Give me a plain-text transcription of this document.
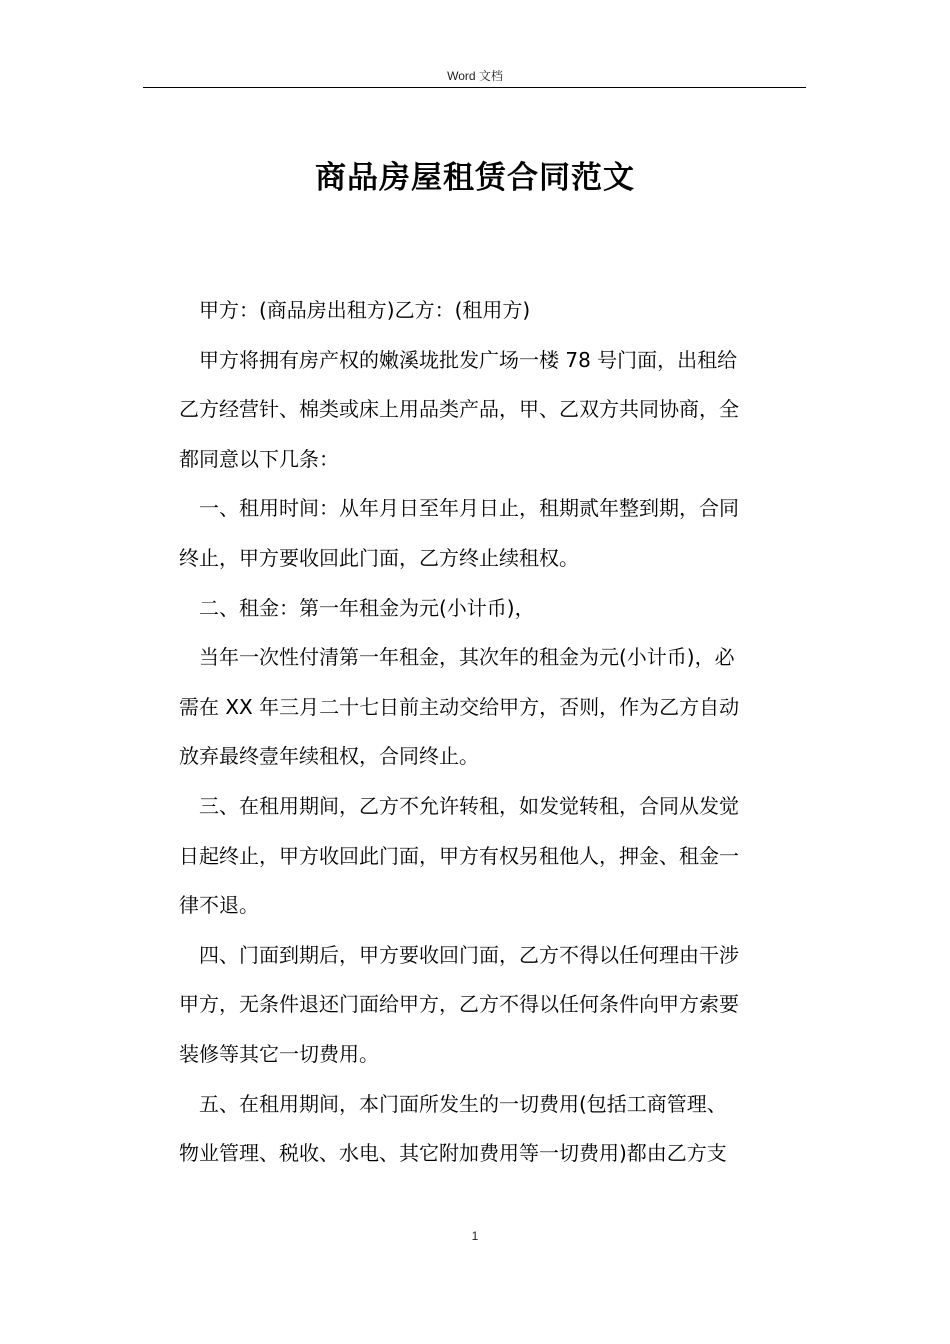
Word 文档
商品房屋租赁合同范文
甲方：(商品房出租方)乙方：(租用方)
甲方将拥有房产权的嫩溪垅批发广场一楼 78 号门面，出租给
乙方经营针、棉类或床上用品类产品，甲、乙双方共同协商，全
都同意以下几条：
一、租用时间：从年月日至年月日止，租期贰年整到期，合同
终止，甲方要收回此门面，乙方终止续租权。
二、租金：第一年租金为元(小计币)，
当年一次性付清第一年租金，其次年的租金为元(小计币)，必
需在 XX 年三月二十七日前主动交给甲方，否则，作为乙方自动
放弃最终壹年续租权，合同终止。
三、在租用期间，乙方不允许转租，如发觉转租，合同从发觉
日起终止，甲方收回此门面，甲方有权另租他人，押金、租金一
律不退。
四、门面到期后，甲方要收回门面，乙方不得以任何理由干涉
甲方，无条件退还门面给甲方，乙方不得以任何条件向甲方索要
装修等其它一切费用。
五、在租用期间，本门面所发生的一切费用(包括工商管理、
物业管理、税收、水电、其它附加费用等一切费用)都由乙方支
1
